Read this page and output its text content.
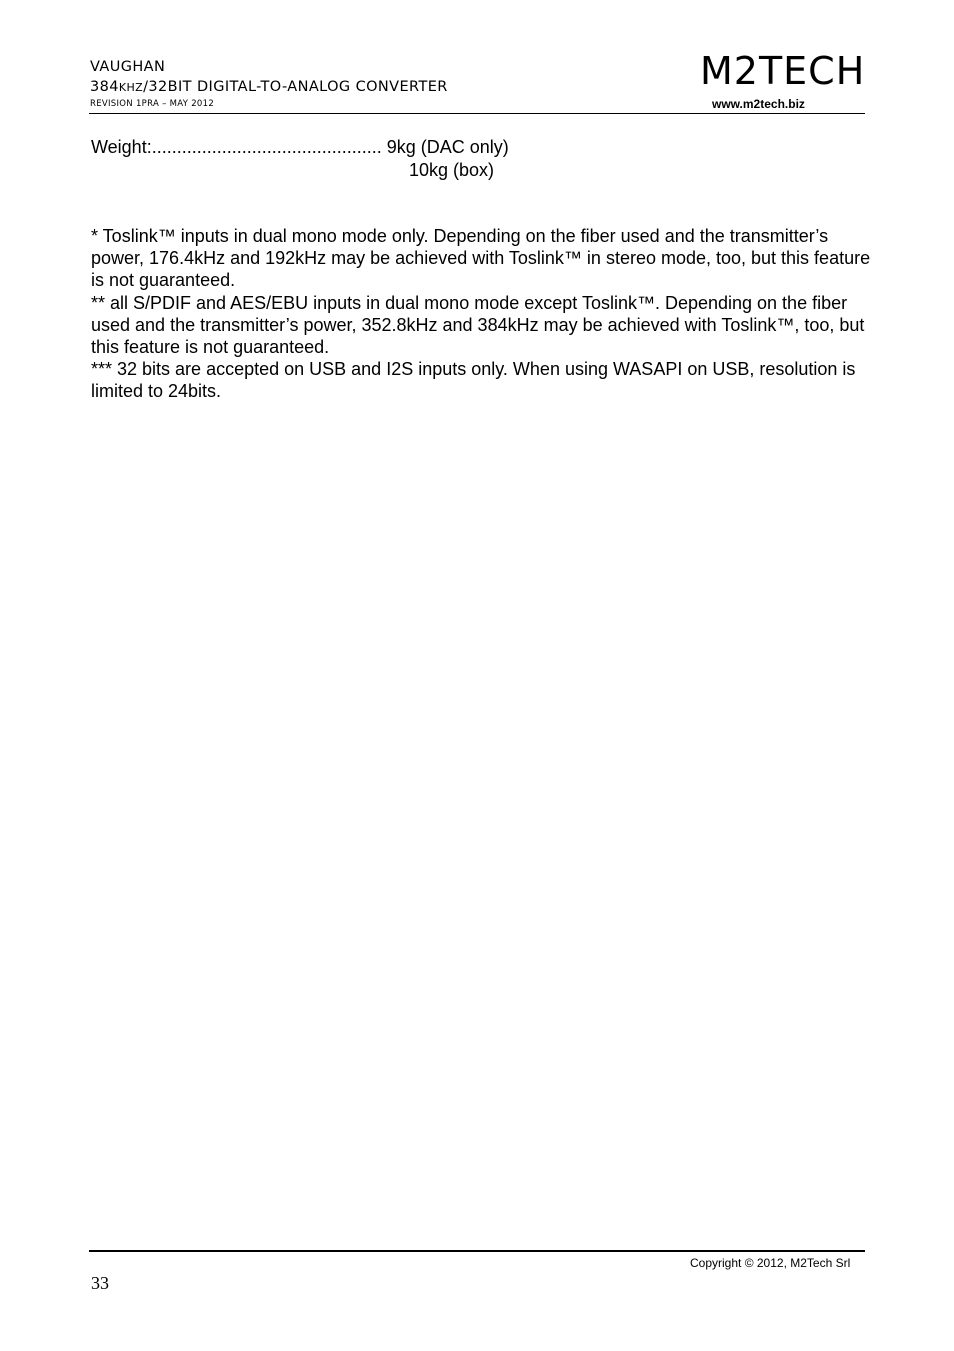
VAUGHAN
384KHZ/32BIT DIGITAL-TO-ANALOG CONVERTER
REVISION 1PRA – MAY 2012
M2TECH
www.m2tech.biz
Weight:.............................................. 9kg (DAC only)
10kg (box)

* Toslink™ inputs in dual mono mode only. Depending on the fiber used and the transmitter’s power, 176.4kHz and 192kHz may be achieved with Toslink™ in stereo mode, too, but this feature is not guaranteed.

** all S/PDIF and AES/EBU inputs in dual mono mode except Toslink™. Depending on the fiber used and the transmitter’s power, 352.8kHz and 384kHz may be achieved with Toslink™, too, but this feature is not guaranteed.

*** 32 bits are accepted on USB and I2S inputs only. When using WASAPI on USB, resolution is limited to 24bits.

Copyright © 2012, M2Tech Srl
33
